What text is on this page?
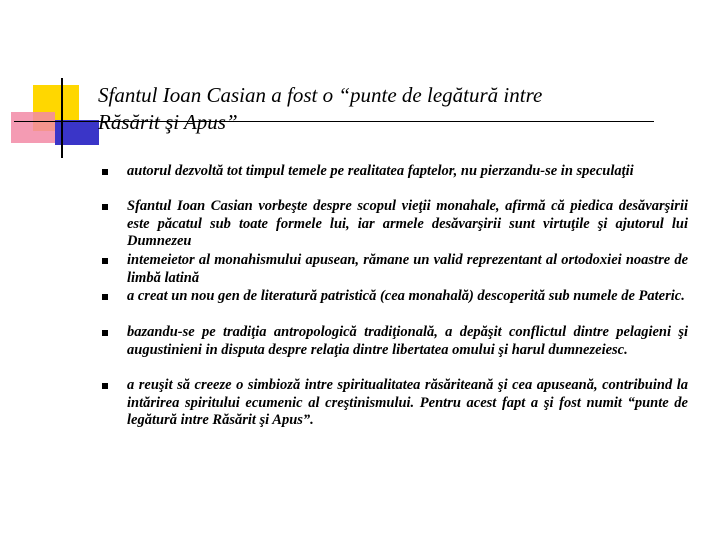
Sfantul Ioan Casian a fost o “punte de legătură intre
Răsărit şi Apus”
autorul dezvoltă tot timpul temele pe realitatea faptelor, nu pierzandu-se in speculaţii
Sfantul Ioan Casian vorbeşte despre scopul vieţii monahale, afirmă că piedica desăvarşirii este păcatul sub toate formele lui, iar armele desăvarşirii sunt virtuţile şi ajutorul lui Dumnezeu
intemeietor al monahismului apusean, rămane un valid reprezentant al ortodoxiei noastre de limbă latină
a creat un nou gen de literatură patristică (cea monahală) descoperită sub numele de Pateric.
bazandu-se pe tradiţia antropologică tradiţională, a depăşit conflictul dintre pelagieni şi augustinieni in disputa despre relaţia dintre libertatea omului şi harul dumnezeiesc.
a reuşit să creeze o simbioză intre spiritualitatea răsăriteană şi cea apuseană, contribuind la intărirea spiritului ecumenic al creştinismului. Pentru acest fapt a şi fost numit “punte de legătură intre Răsărit şi Apus”.
